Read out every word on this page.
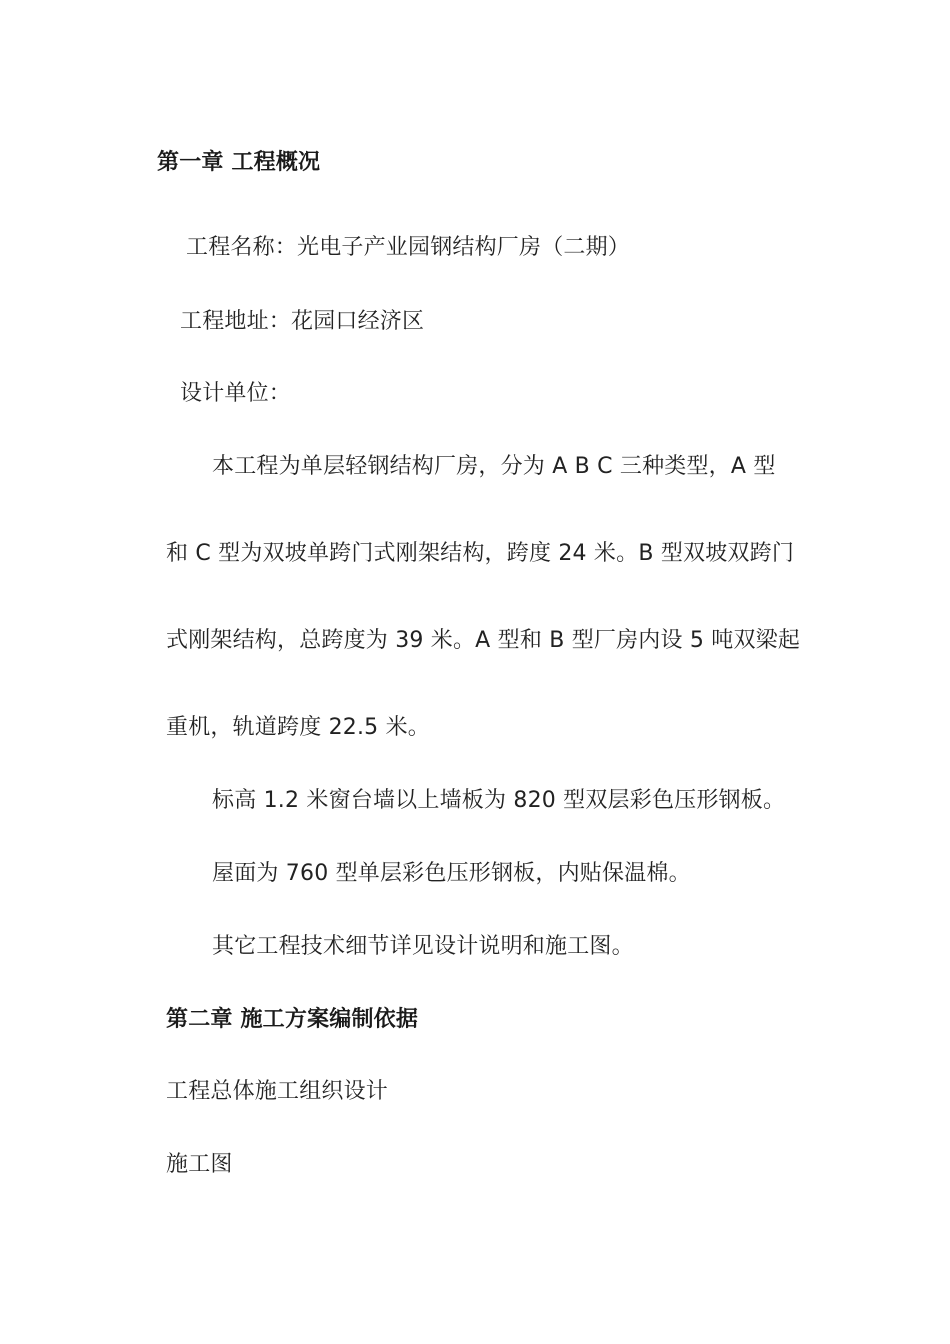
第一章 工程概况
工程名称：光电子产业园钢结构厂房（二期）
工程地址：花园口经济区
设计单位：
本工程为单层轻钢结构厂房，分为 A B C 三种类型，A 型
和 C 型为双坡单跨门式刚架结构，跨度 24 米。B 型双坡双跨门
式刚架结构，总跨度为 39 米。A 型和 B 型厂房内设 5 吨双梁起
重机，轨道跨度 22.5 米。
标高 1.2 米窗台墙以上墙板为 820 型双层彩色压形钢板。
屋面为 760 型单层彩色压形钢板，内贴保温棉。
其它工程技术细节详见设计说明和施工图。
第二章 施工方案编制依据
工程总体施工组织设计
施工图
